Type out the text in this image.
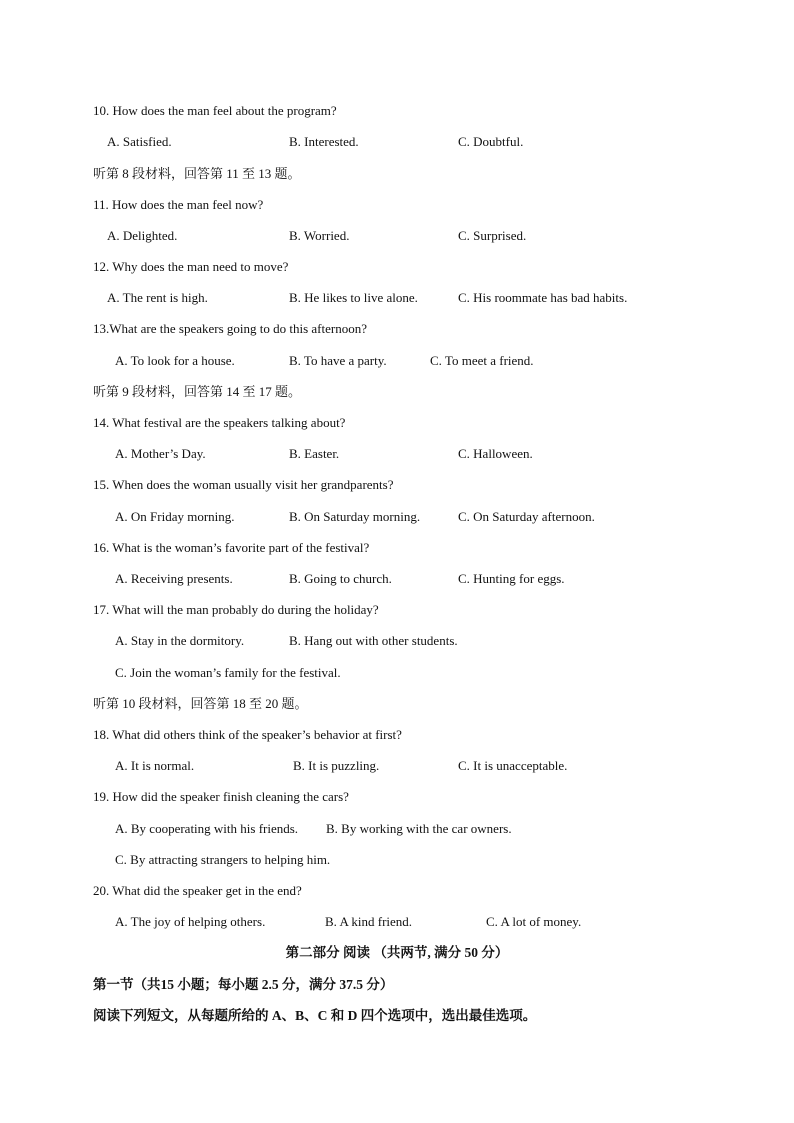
10. How does the man feel about the program?
A. Satisfied.	B. Interested.	C. Doubtful.
听第 8 段材料，回答第 11 至 13 题。
11. How does the man feel now?
A. Delighted.	B. Worried.	C. Surprised.
12. Why does the man need to move?
A. The rent is high.	B. He likes to live alone.	C. His roommate has bad habits.
13.What are the speakers going to do this afternoon?
A. To look for a house.	B. To have a party.	C. To meet a friend.
听第 9 段材料，回答第 14 至 17 题。
14. What festival are the speakers talking about?
A. Mother’s Day.	B. Easter.	C. Halloween.
15. When does the woman usually visit her grandparents?
A. On Friday morning.	B. On Saturday morning.	C. On Saturday afternoon.
16. What is the woman’s favorite part of the festival?
A. Receiving presents.	B. Going to church.	C. Hunting for eggs.
17. What will the man probably do during the holiday?
A. Stay in the dormitory.	B. Hang out with other students.
C. Join the woman’s family for the festival.
听第 10 段材料，回答第 18 至 20 题。
18. What did others think of the speaker’s behavior at first?
A. It is normal.	B. It is puzzling.	C. It is unacceptable.
19. How did the speaker finish cleaning the cars?
A. By cooperating with his friends. B. By working with the car owners.
C. By attracting strangers to helping him.
20. What did the speaker get in the end?
A. The joy of helping others.	B. A kind friend.	C. A lot of money.
第二部分 阅读 （共两节, 满分 50 分）
第一节（共15 小题；每小题 2.5 分，满分 37.5 分）
阅读下列短文，从每题所给的 A、B、C 和 D 四个选项中，选出最佳选项。
